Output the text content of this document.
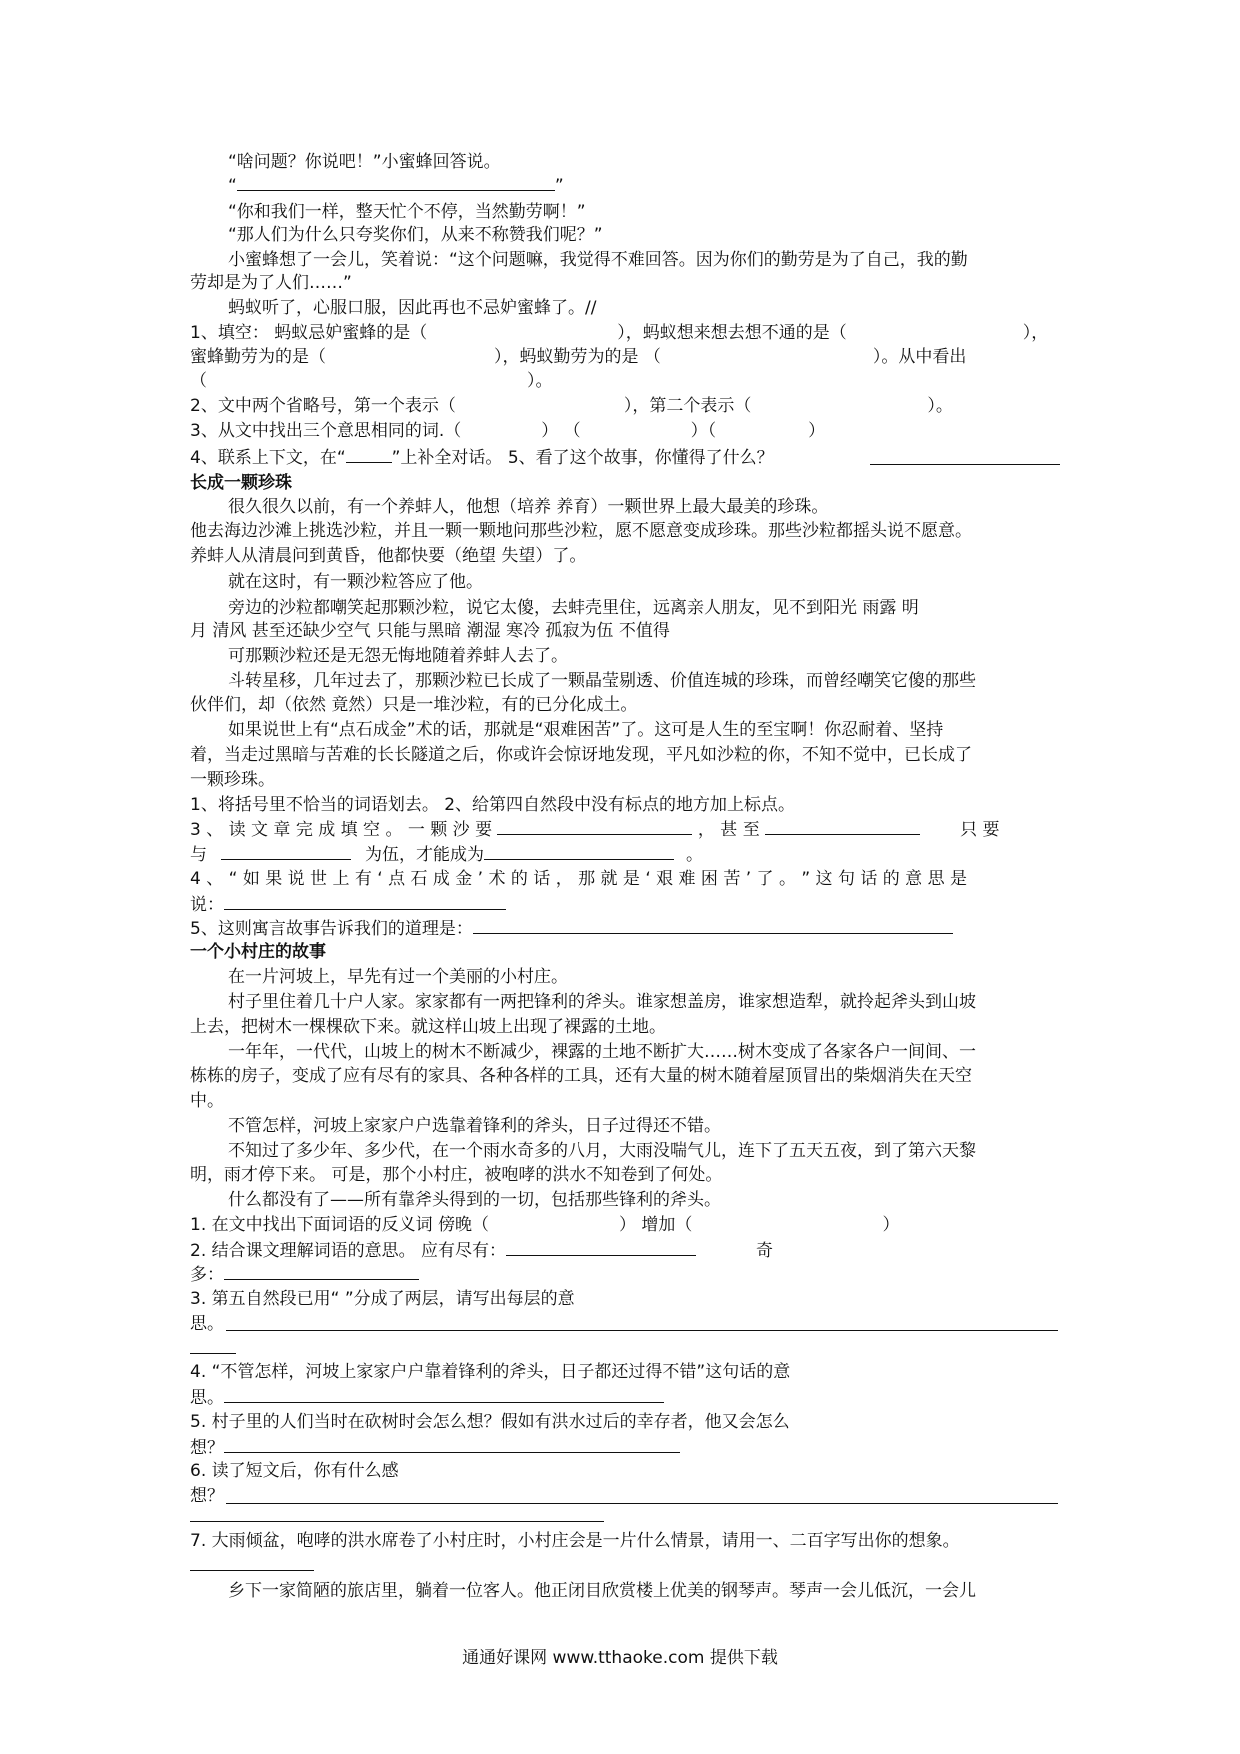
“啥问题？你说吧！”小蜜蜂回答说。
“	”
“你和我们一样，整天忙个不停，当然勤劳啊！”
“那人们为什么只夸奖你们，从来不称赞我们呢？”
小蜜蜂想了一会儿，笑着说：“这个问题嘛，我觉得不难回答。因为你们的勤劳是为了自己，我的勤
劳却是为了人们……”
蚂蚁听了，心服口服，因此再也不忌妒蜜蜂了。//
1、填空： 蚂蚁忌妒蜜蜂的是（	），蚂蚁想来想去想不通的是（	），
蜜蜂勤劳为的是（	），蚂蚁勤劳为的是 （	）。从中看出
（	）。
2、文中两个省略号，第一个表示（	），第二个表示（	）。
3、从文中找出三个意思相同的词.（	） （	）（	）
4、联系上下文，在“	”上补全对话。 5、看了这个故事，你懂得了什么？
长成一颗珍珠
很久很久以前，有一个养蚌人，他想（培养 养育）一颗世界上最大最美的珍珠。
他去海边沙滩上挑选沙粒，并且一颗一颗地问那些沙粒，愿不愿意变成珍珠。那些沙粒都摇头说不愿意。
养蚌人从清晨问到黄昏，他都快要（绝望 失望）了。
就在这时，有一颗沙粒答应了他。
旁边的沙粒都嘲笑起那颗沙粒，说它太傻，去蚌壳里住，远离亲人朋友，见不到阳光 雨露 明
月 清风 甚至还缺少空气 只能与黑暗 潮湿 寒冷 孤寂为伍 不值得
可那颗沙粒还是无怨无悔地随着养蚌人去了。
斗转星移，几年过去了，那颗沙粒已长成了一颗晶莹剔透、价值连城的珍珠，而曾经嘲笑它傻的那些
伙伴们，却（依然 竟然）只是一堆沙粒，有的已分化成土。
如果说世上有“点石成金”术的话，那就是“艰难困苦”了。这可是人生的至宝啊！你忍耐着、坚持
着，当走过黑暗与苦难的长长隧道之后，你或许会惊讶地发现，平凡如沙粒的你，不知不觉中，已长成了
一颗珍珠。
1、将括号里不恰当的词语划去。 2、给第四自然段中没有标点的地方加上标点。
3 、 读 文 章 完 成 填 空 。 一 颗 沙 要	， 甚 至	只 要
与	为伍，才能成为	。
4 、 “ 如 果 说 世 上 有 ‘ 点 石 成 金 ’ 术 的 话 ， 那 就 是 ‘ 艰 难 困 苦 ’ 了 。 ” 这 句 话 的 意 思 是
说：
5、这则寓言故事告诉我们的道理是：
一个小村庄的故事
在一片河坡上，早先有过一个美丽的小村庄。
村子里住着几十户人家。家家都有一两把锋利的斧头。谁家想盖房，谁家想造犁，就拎起斧头到山坡
上去，把树木一棵棵砍下来。就这样山坡上出现了裸露的土地。
一年年，一代代，山坡上的树木不断减少，裸露的土地不断扩大……树木变成了各家各户一间间、一
栋栋的房子，变成了应有尽有的家具、各种各样的工具，还有大量的树木随着屋顶冒出的柴烟消失在天空
中。
不管怎样，河坡上家家户户选靠着锋利的斧头，日子过得还不错。
不知过了多少年、多少代，在一个雨水奇多的八月，大雨没喘气儿，连下了五天五夜，到了第六天黎
明，雨才停下来。 可是，那个小村庄，被咆哮的洪水不知卷到了何处。
什么都没有了——所有靠斧头得到的一切，包括那些锋利的斧头。
1. 在文中找出下面词语的反义词 傍晚（	） 增加（	）
2. 结合课文理解词语的意思。 应有尽有：	奇
多：
3. 第五自然段已用“ ”分成了两层，请写出每层的意
思。
4. “不管怎样，河坡上家家户户靠着锋利的斧头，日子都还过得不错”这句话的意
思。
5. 村子里的人们当时在砍树时会怎么想？假如有洪水过后的幸存者，他又会怎么
想？
6. 读了短文后，你有什么感
想？
7. 大雨倾盆，咆哮的洪水席卷了小村庄时，小村庄会是一片什么情景，请用一、二百字写出你的想象。
乡下一家简陋的旅店里，躺着一位客人。他正闭目欣赏楼上优美的钢琴声。琴声一会儿低沉，一会儿
通通好课网 www.tthaoke.com 提供下载
